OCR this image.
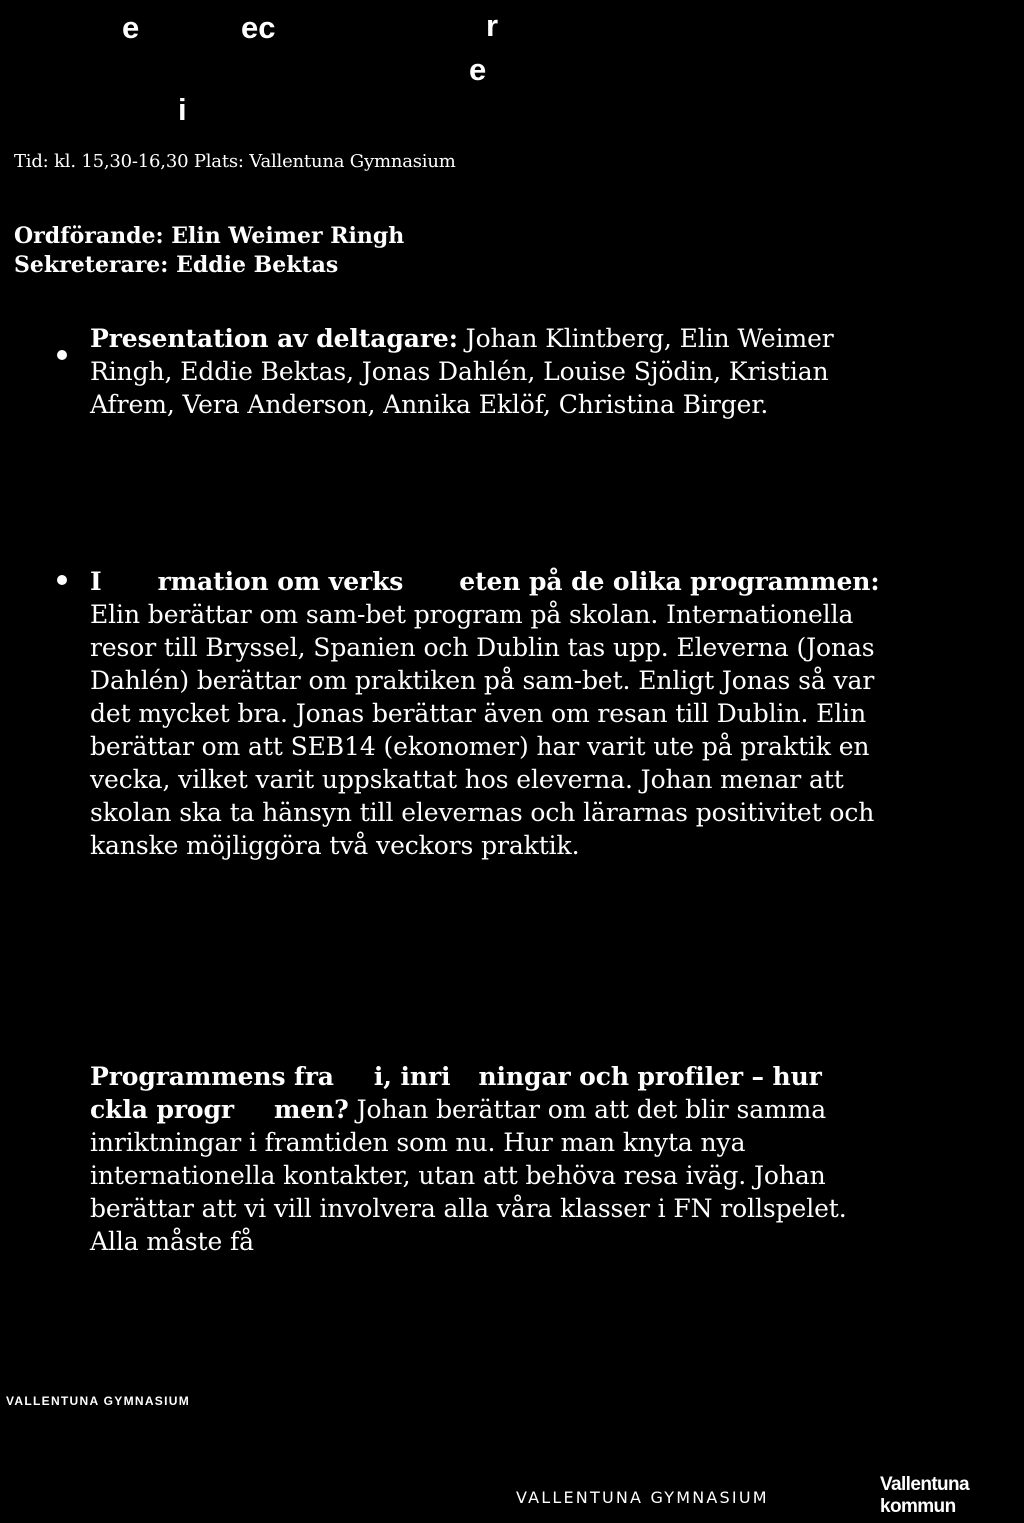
e	ec	r
e
i
Tid: kl. 15,30-16,30 Plats: Vallentuna Gymnasium
Ordförande: Elin Weimer Ringh
Sekreterare: Eddie Bektas
Presentation av deltagare: Johan Klintberg, Elin Weimer Ringh, Eddie Bektas, Jonas Dahlén, Louise Sjödin, Kristian Afrem, Vera Anderson, Annika Eklöf, Christina Birger.
I rmation om verks eten på de olika programmen: Elin berättar om sam-bet program på skolan. Internationella resor till Bryssel, Spanien och Dublin tas upp. Eleverna (Jonas Dahlén) berättar om praktiken på sam-bet. Enligt Jonas så var det mycket bra. Jonas berättar även om resan till Dublin. Elin berättar om att SEB14 (ekonomer) har varit ute på praktik en vecka, vilket varit uppskattat hos eleverna. Johan menar att skolan ska ta hänsyn till elevernas och lärarnas positivitet och kanske möjliggöra två veckors praktik.
Programmens fra i, inri ningar och profiler – hurckla progr men? Johan berättar om att det blir samma inriktningar i framtiden som nu. Hur man knyta nya internationella kontakter, utan att behöva resa iväg. Johan berättar att vi vill involvera alla våra klasser i FN rollspelet. Alla måste få
VALLENTUNA GYMNASIUM
VALLENTUNA GYMNASIUM
Vallentuna
kommun
